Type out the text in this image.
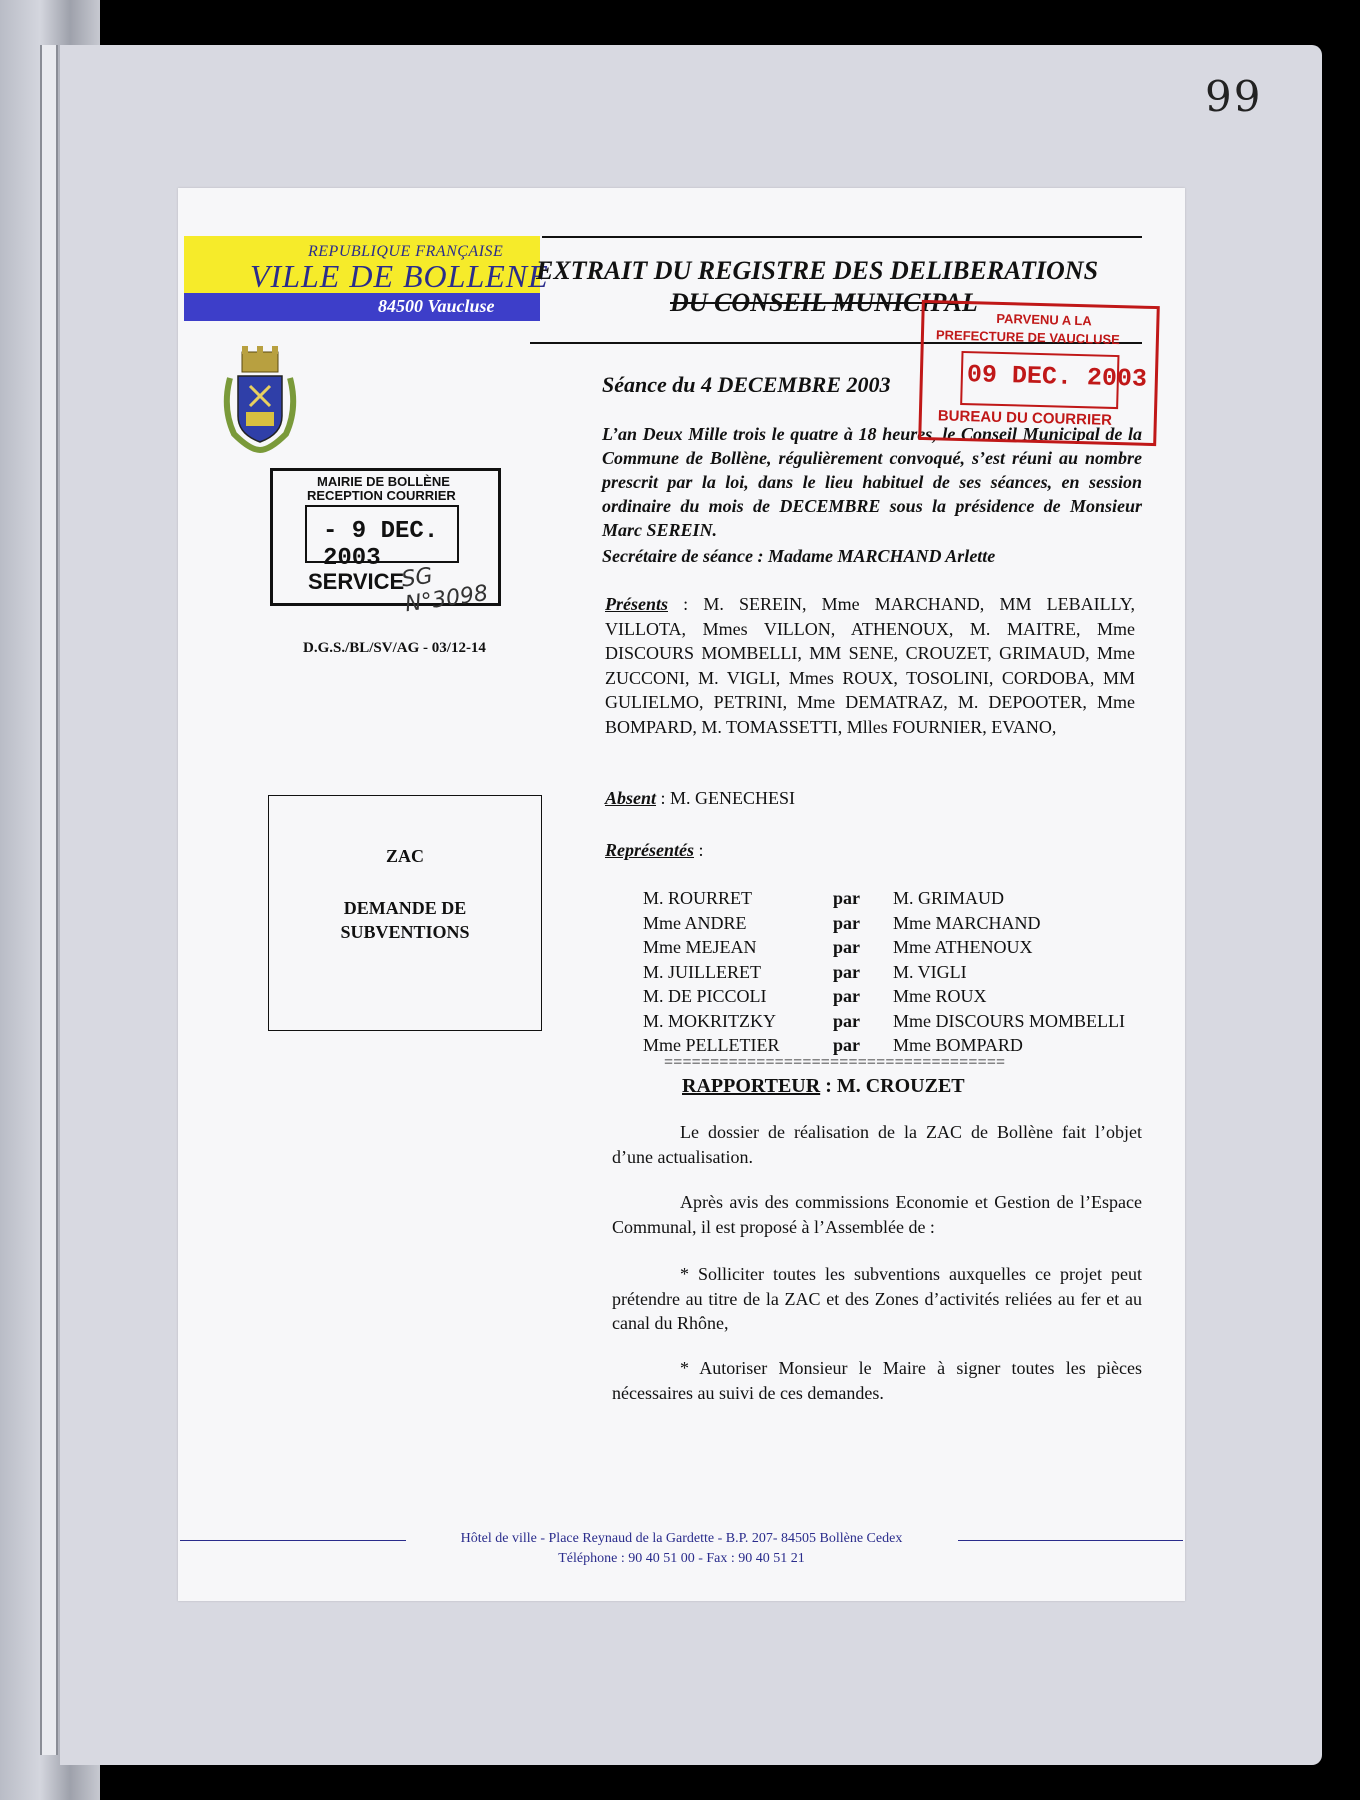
99
REPUBLIQUE FRANÇAISE
VILLE DE BOLLENE
84500 Vaucluse
EXTRAIT DU REGISTRE DES DELIBERATIONS
DU CONSEIL MUNICIPAL
MAIRIE DE BOLLÈNE
RECEPTION COURRIER
- 9 DEC. 2003
SERVICE
SG N°3098
D.G.S./BL/SV/AG - 03/12-14
ZAC
DEMANDE DE
SUBVENTIONS
Séance du 4 DECEMBRE 2003
L’an Deux Mille trois le quatre à 18 heures, le Conseil Municipal de la Commune de Bollène, régulièrement convoqué, s’est réuni au nombre prescrit par la loi, dans le lieu habituel de ses séances, en session ordinaire du mois de DECEMBRE sous la présidence de Monsieur Marc SEREIN.
Secrétaire de séance : Madame MARCHAND Arlette
PARVENU A LA
PREFECTURE DE VAUCLUSE
09 DEC. 2003
BUREAU DU COURRIER
Présents : M. SEREIN, Mme MARCHAND, MM LEBAILLY, VILLOTA, Mmes VILLON, ATHENOUX, M. MAITRE, Mme DISCOURS MOMBELLI, MM SENE, CROUZET, GRIMAUD, Mme ZUCCONI, M. VIGLI, Mmes ROUX, TOSOLINI, CORDOBA, MM GULIELMO, PETRINI, Mme DEMATRAZ, M. DEPOOTER, Mme BOMPARD, M. TOMASSETTI, Mlles FOURNIER, EVANO,
Absent : M. GENECHESI
Représentés :
M. ROURRET	par	M. GRIMAUD
Mme ANDRE	par	Mme MARCHAND
Mme MEJEAN	par	Mme ATHENOUX
M. JUILLERET	par	M. VIGLI
M. DE PICCOLI	par	Mme ROUX
M. MOKRITZKY	par	Mme DISCOURS MOMBELLI
Mme PELLETIER	par	Mme BOMPARD
=====================================
RAPPORTEUR : M. CROUZET
Le dossier de réalisation de la ZAC de Bollène fait l’objet d’une actualisation.
Après avis des commissions Economie et Gestion de l’Espace Communal, il est proposé à l’Assemblée de :
* Solliciter toutes les subventions auxquelles ce projet peut prétendre au titre de la ZAC et des Zones d’activités reliées au fer et au canal du Rhône,
* Autoriser Monsieur le Maire à signer toutes les pièces nécessaires au suivi de ces demandes.
Hôtel de ville - Place Reynaud de la Gardette - B.P. 207- 84505 Bollène Cedex
Téléphone : 90 40 51 00 - Fax : 90 40 51 21
